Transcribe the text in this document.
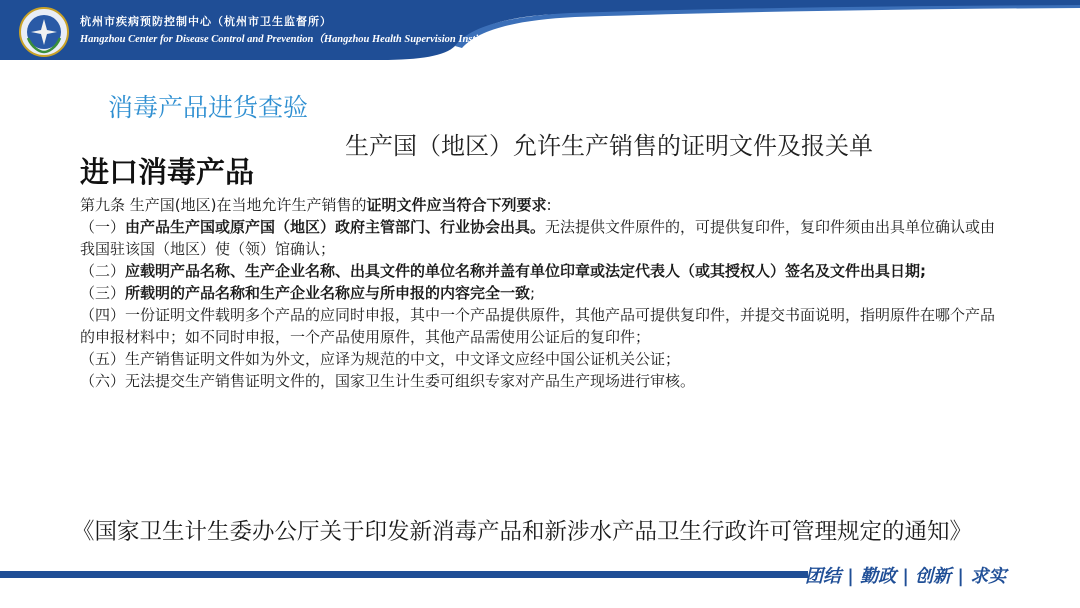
杭州市疾病预防控制中心（杭州市卫生监督所）
Hangzhou Center for Disease Control and Prevention（Hangzhou Health Supervision Institution）
消毒产品进货查验
生产国（地区）允许生产销售的证明文件及报关单
进口消毒产品

第九条 生产国(地区)在当地允许生产销售的证明文件应当符合下列要求:

（一）由产品生产国或原产国（地区）政府主管部门、行业协会出具。无法提供文件原件的，可提供复印件，复印件须由出具单位确认或由我国驻该国（地区）使（领）馆确认；

（二）应载明产品名称、生产企业名称、出具文件的单位名称并盖有单位印章或法定代表人（或其授权人）签名及文件出具日期;

（三）所载明的产品名称和生产企业名称应与所申报的内容完全一致;

（四）一份证明文件载明多个产品的应同时申报，其中一个产品提供原件，其他产品可提供复印件，并提交书面说明，指明原件在哪个产品的申报材料中；如不同时申报，一个产品使用原件，其他产品需使用公证后的复印件；

（五）生产销售证明文件如为外文，应译为规范的中文，中文译文应经中国公证机关公证；

（六）无法提交生产销售证明文件的，国家卫生计生委可组织专家对产品生产现场进行审核。

《国家卫生计生委办公厅关于印发新消毒产品和新涉水产品卫生行政许可管理规定的通知》
团结 | 勤政 | 创新 | 求实
